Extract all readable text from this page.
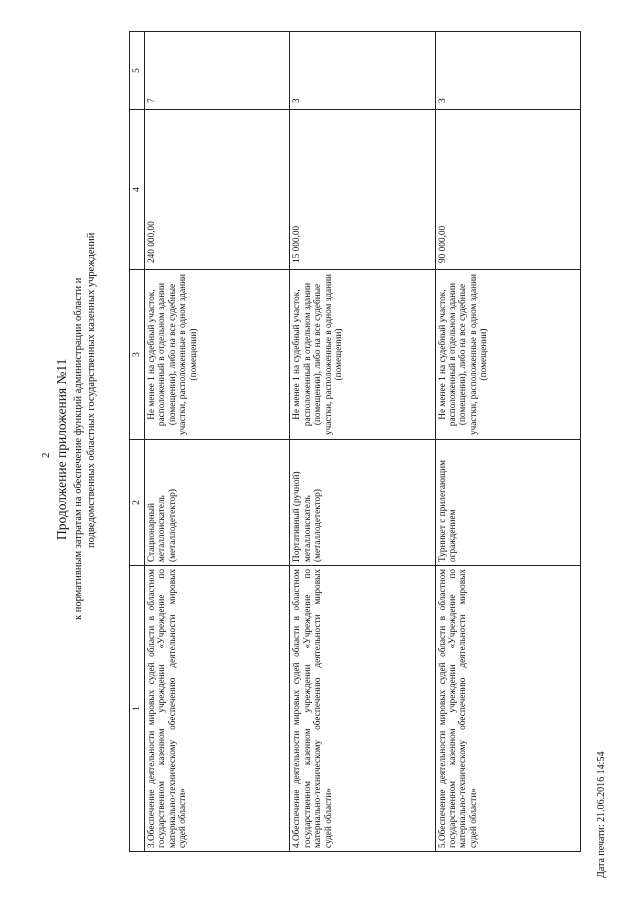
2 Продолжение приложения №11 к нормативным затратам на обеспечение функций администрации области и подведомственных областных государственных казенных учреждений
1	2	3	4	5
3.Обеспечение деятельности мировых судей области в областном государственном казенном учреждении «Учреждение по материально-техническому обеспечению деятельности мировых судей области»	Стационарный металлоискатель (металлодетектор)	Не менее 1 на судебный участок, расположенный в отдельном здании (помещении), либо на все судебные участки, расположенные в одном здании (помещении)	240 000,00	7
4.Обеспечение деятельности мировых судей области в областном государственном казенном учреждении «Учреждение по материально-техническому обеспечению деятельности мировых судей области»	Портативный (ручной) металлоискатель (металлодетектор)	Не менее 1 на судебный участок, расположенный в отдельном здании (помещении), либо на все судебные участки, расположенные в одном здании (помещении)	15 000,00	3
5.Обеспечение деятельности мировых судей области в областном государственном казенном учреждении «Учреждение по материально-техническому обеспечению деятельности мировых судей области»	Турникет с прилегающим ограждением	Не менее 1 на судебный участок, расположенный в отдельном здании (помещении), либо на все судебные участки, расположенные в одном здании (помещении)	90 000,00	3
Дата печати: 21.06.2016 14:54
